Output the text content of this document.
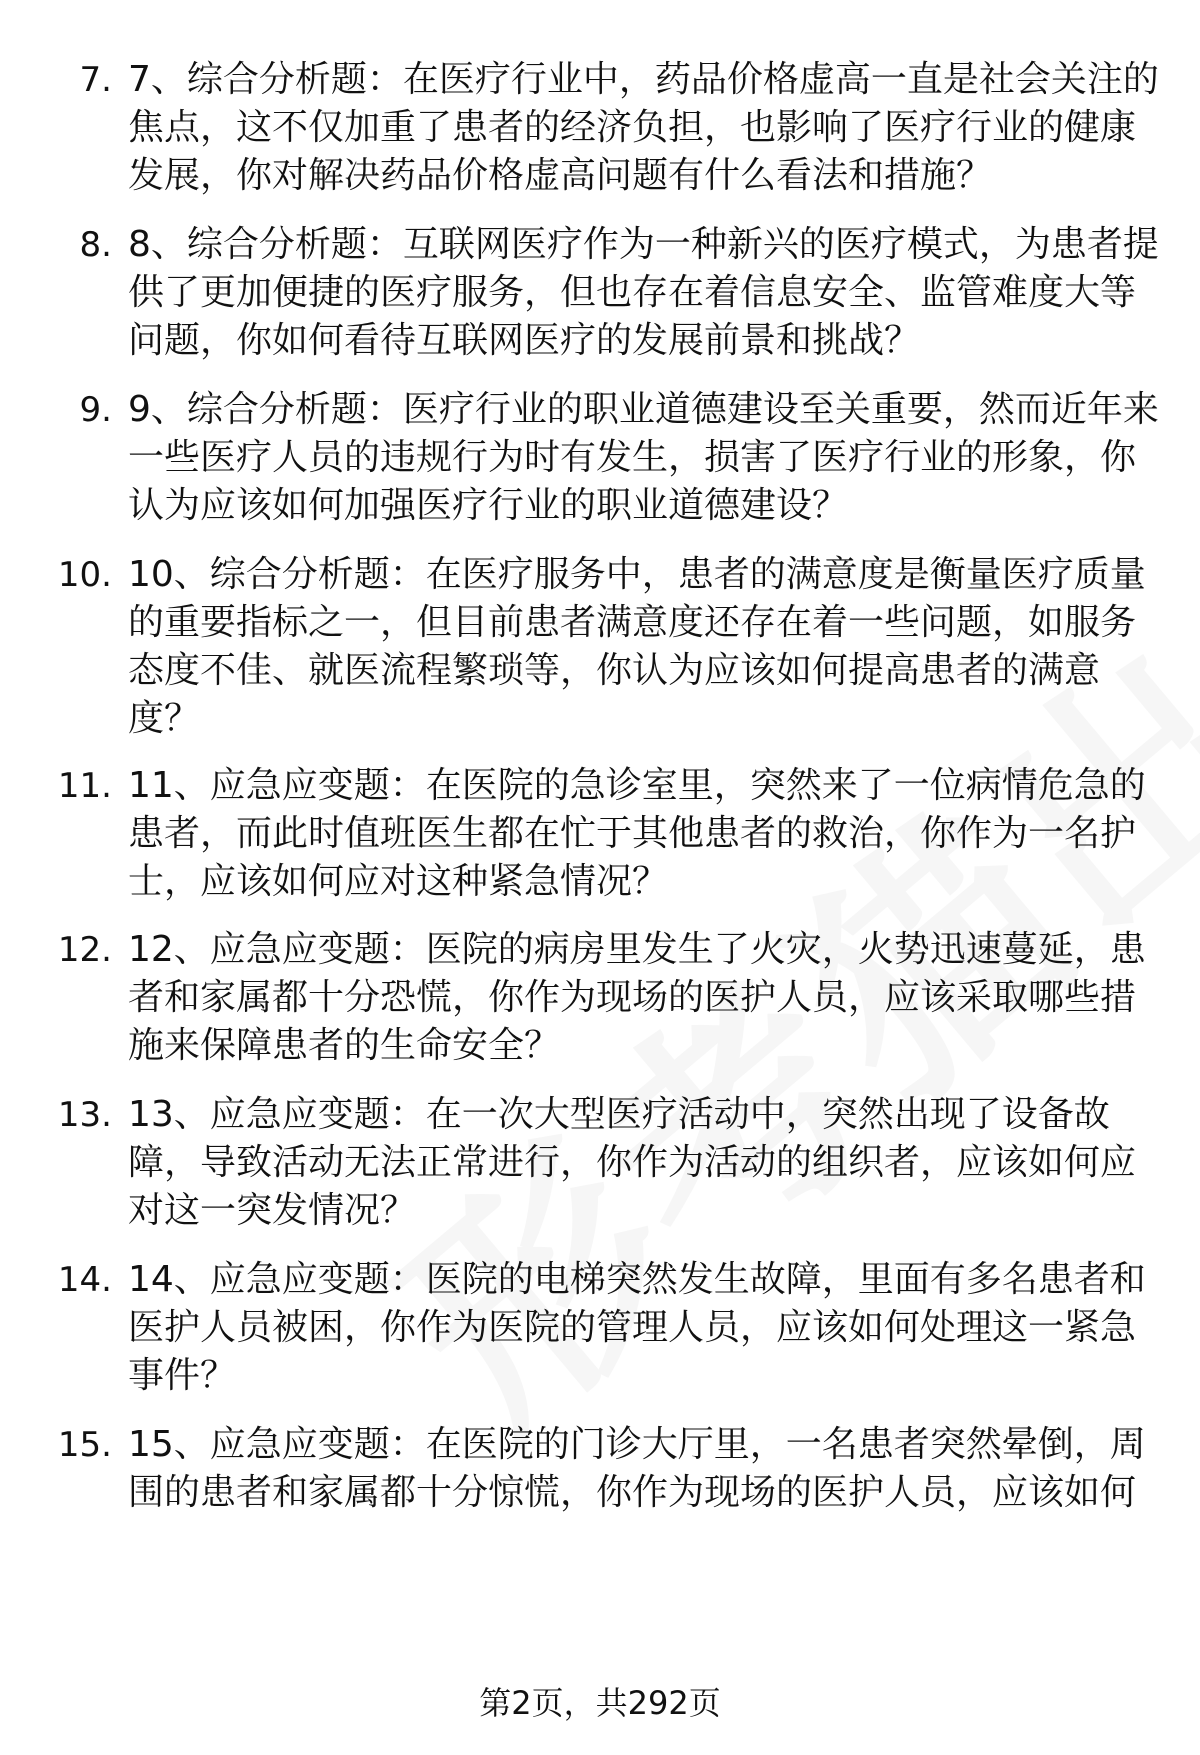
7. 7、综合分析题：在医疗行业中，药品价格虚高一直是社会关注的焦点，这不仅加重了患者的经济负担，也影响了医疗行业的健康发展，你对解决药品价格虚高问题有什么看法和措施？
8. 8、综合分析题：互联网医疗作为一种新兴的医疗模式，为患者提供了更加便捷的医疗服务，但也存在着信息安全、监管难度大等问题，你如何看待互联网医疗的发展前景和挑战？
9. 9、综合分析题：医疗行业的职业道德建设至关重要，然而近年来一些医疗人员的违规行为时有发生，损害了医疗行业的形象，你认为应该如何加强医疗行业的职业道德建设？
10. 10、综合分析题：在医疗服务中，患者的满意度是衡量医疗质量的重要指标之一，但目前患者满意度还存在着一些问题，如服务态度不佳、就医流程繁琐等，你认为应该如何提高患者的满意度？
11. 11、应急应变题：在医院的急诊室里，突然来了一位病情危急的患者，而此时值班医生都在忙于其他患者的救治，你作为一名护士，应该如何应对这种紧急情况？
12. 12、应急应变题：医院的病房里发生了火灾，火势迅速蔓延，患者和家属都十分恐慌，你作为现场的医护人员，应该采取哪些措施来保障患者的生命安全？
13. 13、应急应变题：在一次大型医疗活动中，突然出现了设备故障，导致活动无法正常进行，你作为活动的组织者，应该如何应对这一突发情况？
14. 14、应急应变题：医院的电梯突然发生故障，里面有多名患者和医护人员被困，你作为医院的管理人员，应该如何处理这一紧急事件？
15. 15、应急应变题：在医院的门诊大厅里，一名患者突然晕倒，周围的患者和家属都十分惊慌，你作为现场的医护人员，应该如何
第2页，共292页
